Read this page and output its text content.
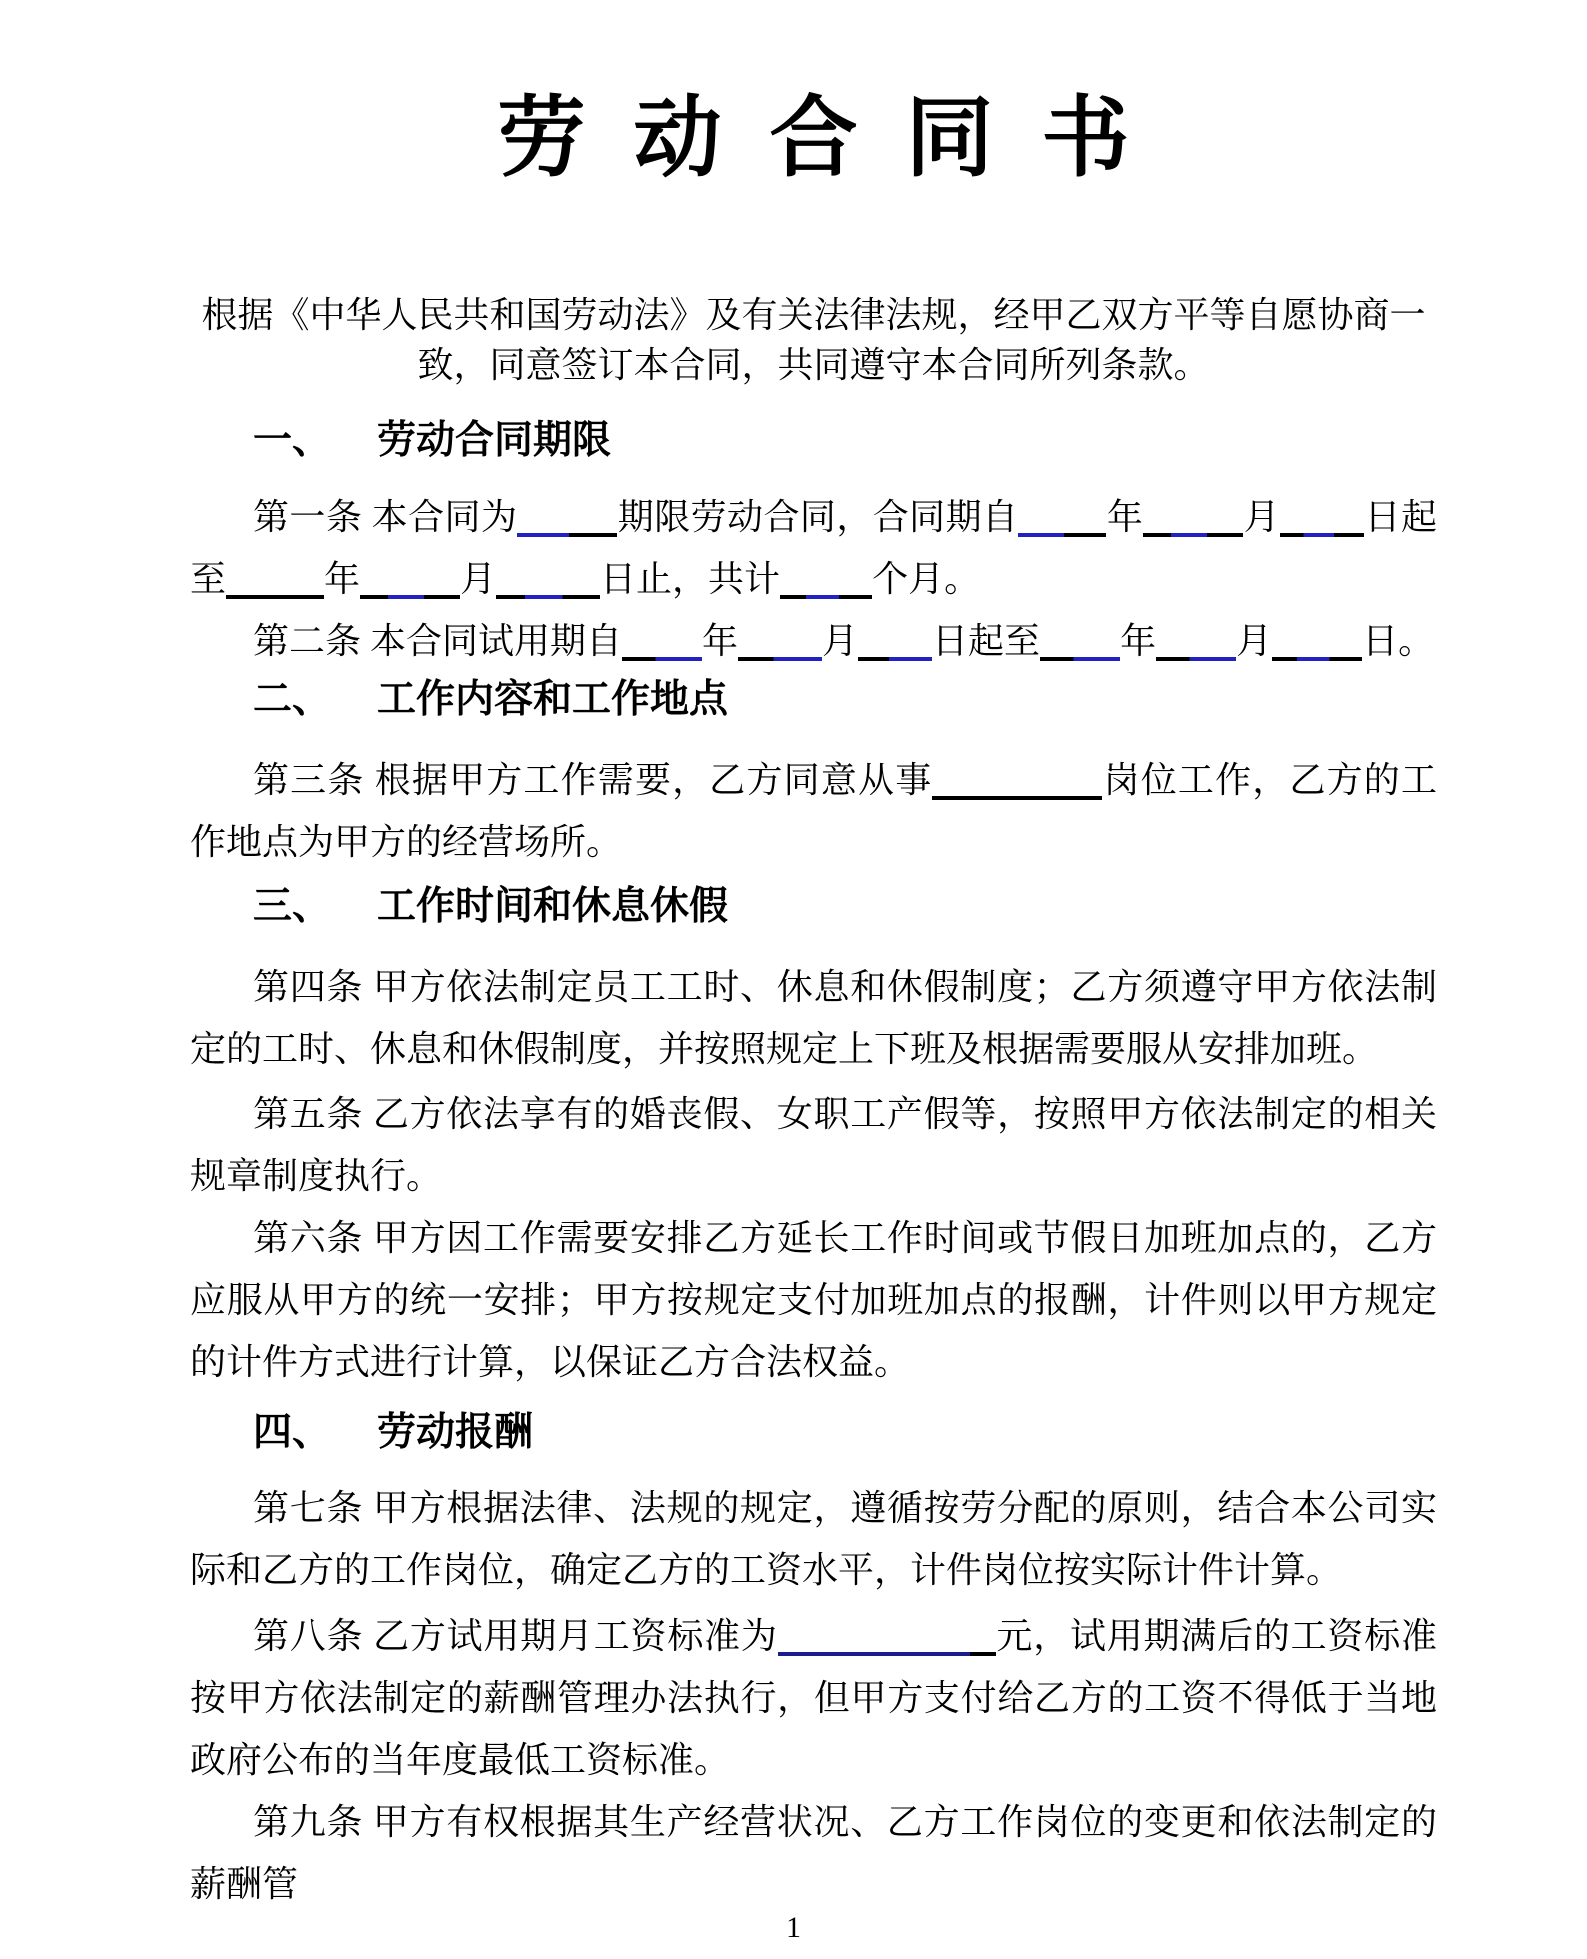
劳动合同书
根据《中华人民共和国劳动法》及有关法律法规，经甲乙双方平等自愿协商一
致，同意签订本合同，共同遵守本合同所列条款。
一、 劳动合同期限

第一条 本合同为	期限劳动合同，合同期自 年	月 日起至	年	月	日止，共计	个月。

第二条 本合同试用期自 年 月 日起至 年 月	日。

二、 工作内容和工作地点

第三条 根据甲方工作需要，乙方同意从事	岗位工作，乙方的工作地点为甲方的经营场所。

三、 工作时间和休息休假

第四条 甲方依法制定员工工时、休息和休假制度；乙方须遵守甲方依法制定的工时、休息和休假制度，并按照规定上下班及根据需要服从安排加班。

第五条 乙方依法享有的婚丧假、女职工产假等，按照甲方依法制定的相关规章制度执行。

第六条 甲方因工作需要安排乙方延长工作时间或节假日加班加点的，乙方应服从甲方的统一安排；甲方按规定支付加班加点的报酬，计件则以甲方规定的计件方式进行计算，以保证乙方合法权益。

四、 劳动报酬

第七条 甲方根据法律、法规的规定，遵循按劳分配的原则，结合本公司实际和乙方的工作岗位，确定乙方的工资水平，计件岗位按实际计件计算。

第八条 乙方试用期月工资标准为	元，试用期满后的工资标准按甲方依法制定的薪酬管理办法执行，但甲方支付给乙方的工资不得低于当地政府公布的当年度最低工资标准。

第九条 甲方有权根据其生产经营状况、乙方工作岗位的变更和依法制定的薪酬管

1
